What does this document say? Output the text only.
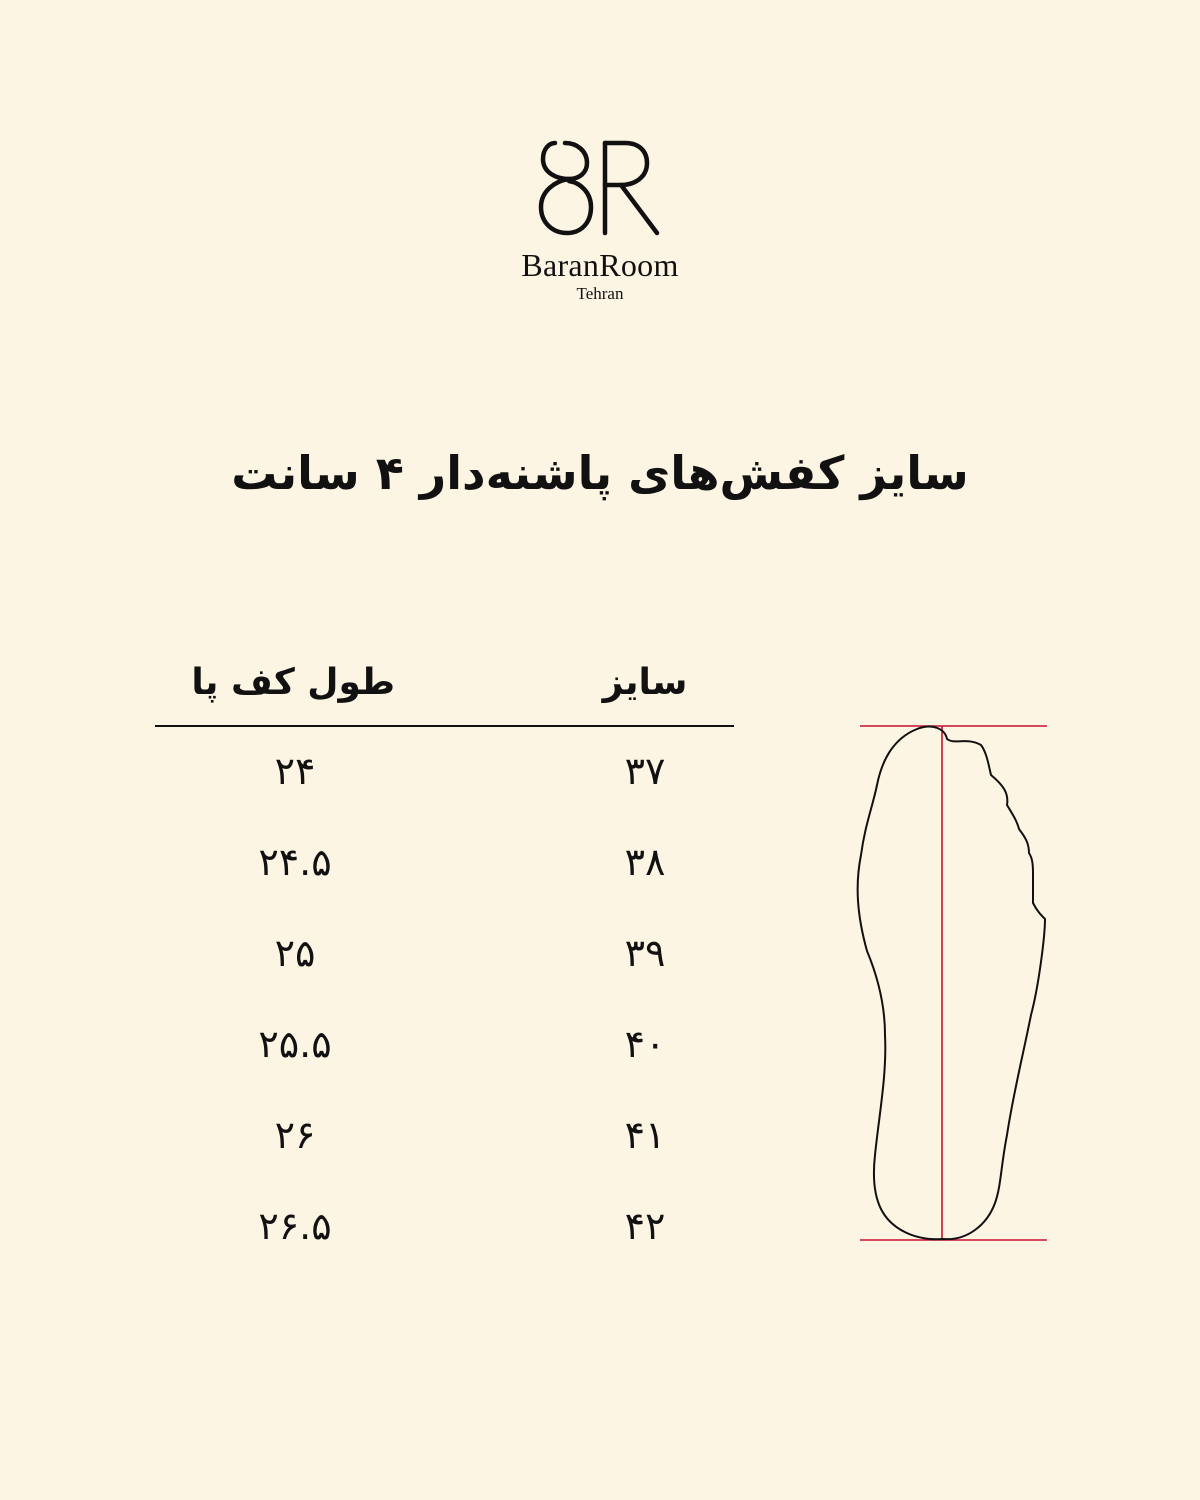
BaranRoom
Tehran
سایز کفش‌های پاشنه‌دار ۴ سانت
سایز
طول کف پا
۳۷
۲۴
۳۸
۲۴.۵
۳۹
۲۵
۴۰
۲۵.۵
۴۱
۲۶
۴۲
۲۶.۵
